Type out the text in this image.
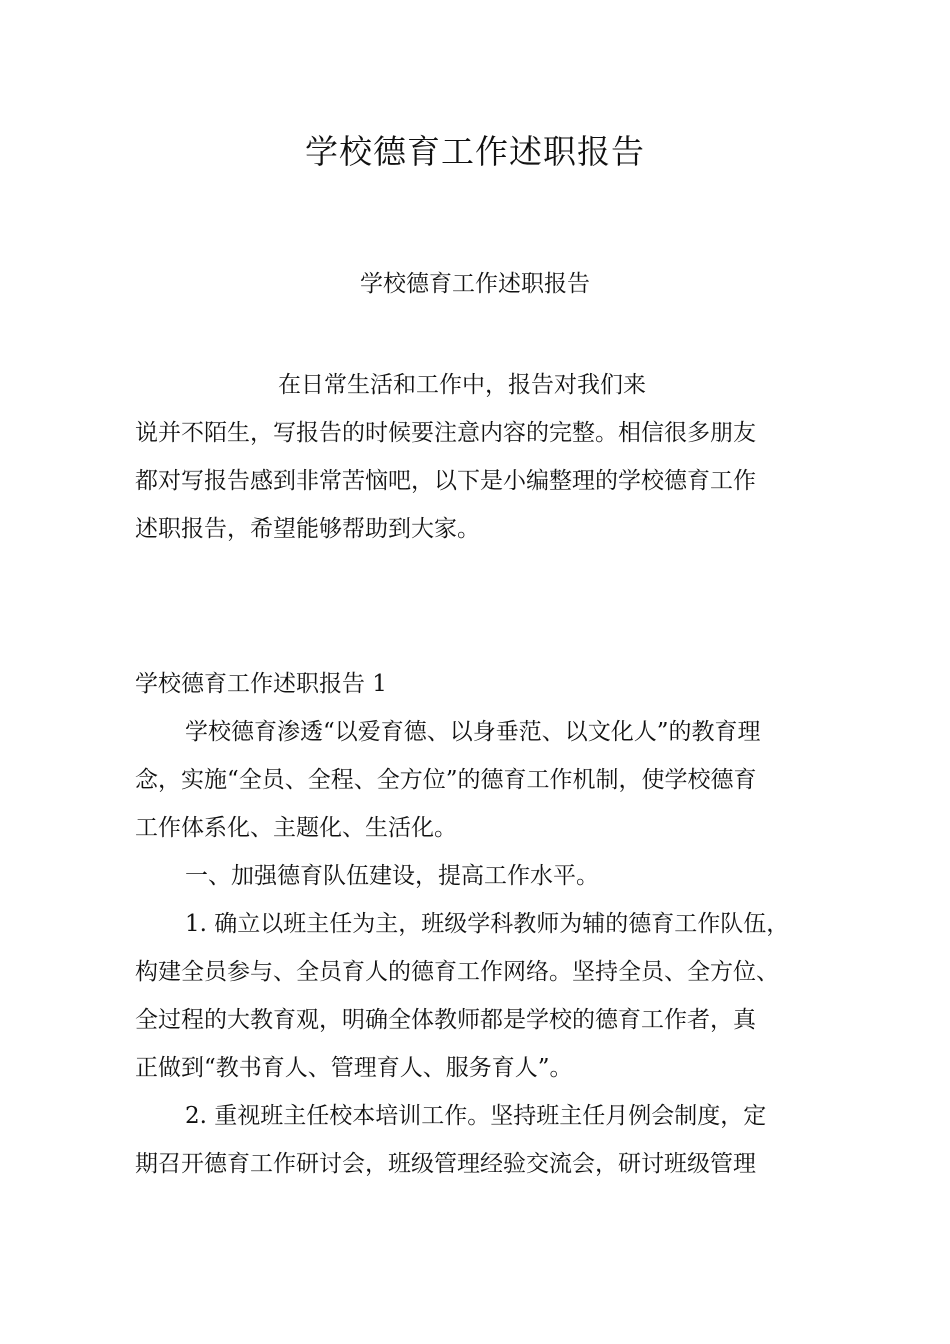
学校德育工作述职报告
学校德育工作述职报告
在日常生活和工作中，报告对我们来
说并不陌生，写报告的时候要注意内容的完整。相信很多朋友
都对写报告感到非常苦恼吧，以下是小编整理的学校德育工作
述职报告，希望能够帮助到大家。
学校德育工作述职报告 1
学校德育渗透“以爱育德、以身垂范、以文化人”的教育理
念，实施“全员、全程、全方位”的德育工作机制，使学校德育
工作体系化、主题化、生活化。
一、加强德育队伍建设，提高工作水平。
1. 确立以班主任为主，班级学科教师为辅的德育工作队伍，
构建全员参与、全员育人的德育工作网络。坚持全员、全方位、
全过程的大教育观，明确全体教师都是学校的德育工作者，真
正做到“教书育人、管理育人、服务育人”。
2. 重视班主任校本培训工作。坚持班主任月例会制度，定
期召开德育工作研讨会，班级管理经验交流会，研讨班级管理
